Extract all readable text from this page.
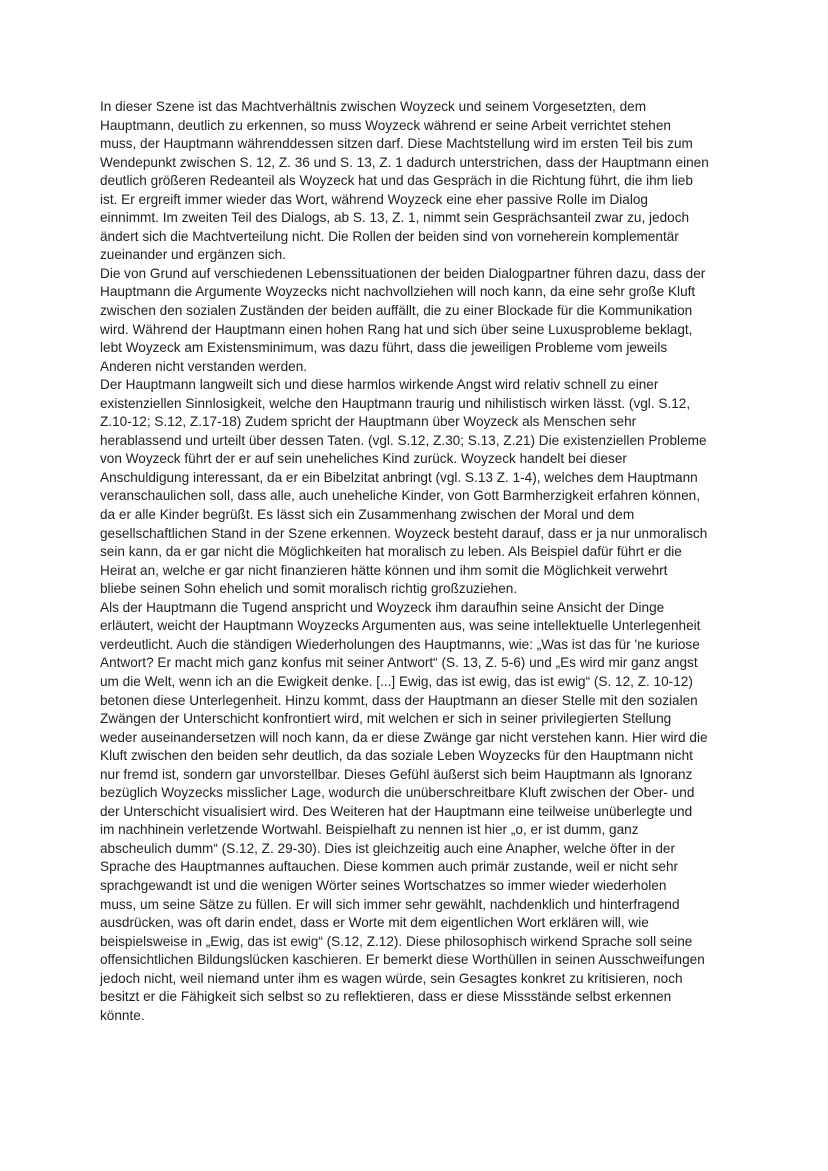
In dieser Szene ist das Machtverhältnis zwischen Woyzeck und seinem Vorgesetzten, dem
Hauptmann, deutlich zu erkennen, so muss Woyzeck während er seine Arbeit verrichtet stehen
muss, der Hauptmann währenddessen sitzen darf. Diese Machtstellung wird im ersten Teil bis zum
Wendepunkt zwischen S. 12, Z. 36 und S. 13, Z. 1 dadurch unterstrichen, dass der Hauptmann einen
deutlich größeren Redeanteil als Woyzeck hat und das Gespräch in die Richtung führt, die ihm lieb
ist. Er ergreift immer wieder das Wort, während Woyzeck eine eher passive Rolle im Dialog
einnimmt. Im zweiten Teil des Dialogs, ab S. 13, Z. 1, nimmt sein Gesprächsanteil zwar zu, jedoch
ändert sich die Machtverteilung nicht. Die Rollen der beiden sind von vorneherein komplementär
zueinander und ergänzen sich.

Die von Grund auf verschiedenen Lebenssituationen der beiden Dialogpartner führen dazu, dass der
Hauptmann die Argumente Woyzecks nicht nachvollziehen will noch kann, da eine sehr große Kluft
zwischen den sozialen Zuständen der beiden auffällt, die zu einer Blockade für die Kommunikation
wird. Während der Hauptmann einen hohen Rang hat und sich über seine Luxusprobleme beklagt,
lebt Woyzeck am Existensminimum, was dazu führt, dass die jeweiligen Probleme vom jeweils
Anderen nicht verstanden werden.

Der Hauptmann langweilt sich und diese harmlos wirkende Angst wird relativ schnell zu einer
existenziellen Sinnlosigkeit, welche den Hauptmann traurig und nihilistisch wirken lässt. (vgl. S.12,
Z.10-12; S.12, Z.17-18) Zudem spricht der Hauptmann über Woyzeck als Menschen sehr
herablassend und urteilt über dessen Taten. (vgl. S.12, Z.30; S.13, Z.21) Die existenziellen Probleme
von Woyzeck führt der er auf sein uneheliches Kind zurück. Woyzeck handelt bei dieser
Anschuldigung interessant, da er ein Bibelzitat anbringt (vgl. S.13 Z. 1-4), welches dem Hauptmann
veranschaulichen soll, dass alle, auch uneheliche Kinder, von Gott Barmherzigkeit erfahren können,
da er alle Kinder begrüßt. Es lässt sich ein Zusammenhang zwischen der Moral und dem
gesellschaftlichen Stand in der Szene erkennen. Woyzeck besteht darauf, dass er ja nur unmoralisch
sein kann, da er gar nicht die Möglichkeiten hat moralisch zu leben. Als Beispiel dafür führt er die
Heirat an, welche er gar nicht finanzieren hätte können und ihm somit die Möglichkeit verwehrt
bliebe seinen Sohn ehelich und somit moralisch richtig großzuziehen.

Als der Hauptmann die Tugend anspricht und Woyzeck ihm daraufhin seine Ansicht der Dinge
erläutert, weicht der Hauptmann Woyzecks Argumenten aus, was seine intellektuelle Unterlegenheit
verdeutlicht. Auch die ständigen Wiederholungen des Hauptmanns, wie: „Was ist das für 'ne kuriose
Antwort? Er macht mich ganz konfus mit seiner Antwort“ (S. 13, Z. 5-6) und „Es wird mir ganz angst
um die Welt, wenn ich an die Ewigkeit denke. [...] Ewig, das ist ewig, das ist ewig“ (S. 12, Z. 10-12)
betonen diese Unterlegenheit. Hinzu kommt, dass der Hauptmann an dieser Stelle mit den sozialen
Zwängen der Unterschicht konfrontiert wird, mit welchen er sich in seiner privilegierten Stellung
weder auseinandersetzen will noch kann, da er diese Zwänge gar nicht verstehen kann. Hier wird die
Kluft zwischen den beiden sehr deutlich, da das soziale Leben Woyzecks für den Hauptmann nicht
nur fremd ist, sondern gar unvorstellbar. Dieses Gefühl äußerst sich beim Hauptmann als Ignoranz
bezüglich Woyzecks misslicher Lage, wodurch die unüberschreitbare Kluft zwischen der Ober- und
der Unterschicht visualisiert wird. Des Weiteren hat der Hauptmann eine teilweise unüberlegte und
im nachhinein verletzende Wortwahl. Beispielhaft zu nennen ist hier „o, er ist dumm, ganz
abscheulich dumm“ (S.12, Z. 29-30). Dies ist gleichzeitig auch eine Anapher, welche öfter in der
Sprache des Hauptmannes auftauchen. Diese kommen auch primär zustande, weil er nicht sehr
sprachgewandt ist und die wenigen Wörter seines Wortschatzes so immer wieder wiederholen
muss, um seine Sätze zu füllen. Er will sich immer sehr gewählt, nachdenklich und hinterfragend
ausdrücken, was oft darin endet, dass er Worte mit dem eigentlichen Wort erklären will, wie
beispielsweise in „Ewig, das ist ewig“ (S.12, Z.12). Diese philosophisch wirkend Sprache soll seine
offensichtlichen Bildungslücken kaschieren. Er bemerkt diese Worthüllen in seinen Ausschweifungen
jedoch nicht, weil niemand unter ihm es wagen würde, sein Gesagtes konkret zu kritisieren, noch
besitzt er die Fähigkeit sich selbst so zu reflektieren, dass er diese Missstände selbst erkennen
könnte.
